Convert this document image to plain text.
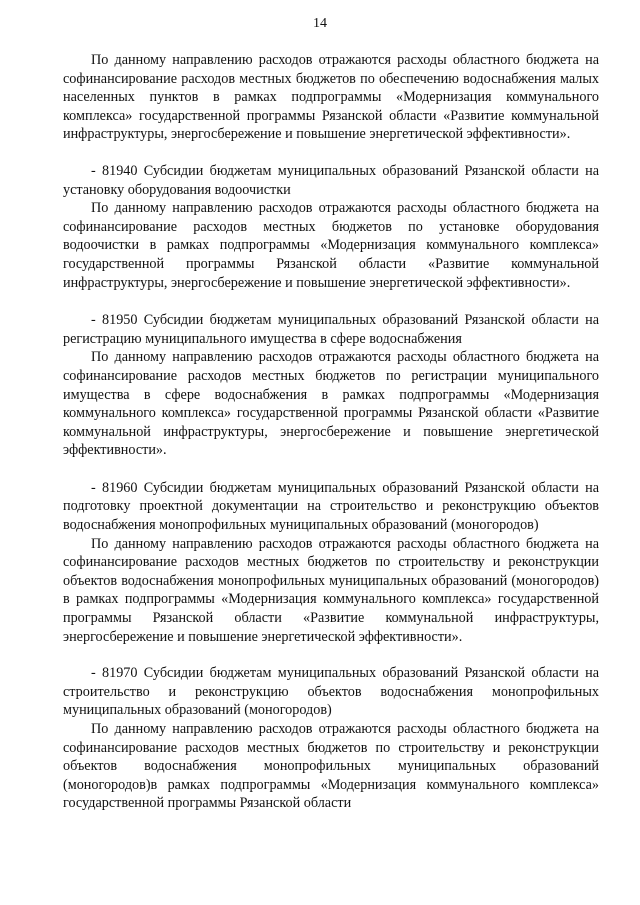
14

По данному направлению расходов отражаются расходы областного бюджета на софинансирование расходов местных бюджетов по обеспечению водоснабжения малых населенных пунктов в рамках подпрограммы «Модернизация коммунального комплекса» государственной программы Рязанской области «Развитие коммунальной инфраструктуры, энергосбережение и повышение энергетической эффективности».

- 81940 Субсидии бюджетам муниципальных образований Рязанской области на установку оборудования водоочистки

По данному направлению расходов отражаются расходы областного бюджета на софинансирование расходов местных бюджетов по установке оборудования водоочистки в рамках подпрограммы «Модернизация коммунального комплекса» государственной программы Рязанской области «Развитие коммунальной инфраструктуры, энергосбережение и повышение энергетической эффективности».

- 81950 Субсидии бюджетам муниципальных образований Рязанской области на регистрацию муниципального имущества в сфере водоснабжения

По данному направлению расходов отражаются расходы областного бюджета на софинансирование расходов местных бюджетов по регистрации муниципального имущества в сфере водоснабжения в рамках подпрограммы «Модернизация коммунального комплекса» государственной программы Рязанской области «Развитие коммунальной инфраструктуры, энергосбережение и повышение энергетической эффективности».

- 81960 Субсидии бюджетам муниципальных образований Рязанской области на подготовку проектной документации на строительство и реконструкцию объектов водоснабжения монопрофильных муниципальных образований (моногородов)

По данному направлению расходов отражаются расходы областного бюджета на софинансирование расходов местных бюджетов по строительству и реконструкции объектов водоснабжения монопрофильных муниципальных образований (моногородов) в рамках подпрограммы «Модернизация коммунального комплекса» государственной программы Рязанской области «Развитие коммунальной инфраструктуры, энергосбережение и повышение энергетической эффективности».

- 81970 Субсидии бюджетам муниципальных образований Рязанской области на строительство и реконструкцию объектов водоснабжения монопрофильных муниципальных образований (моногородов)

По данному направлению расходов отражаются расходы областного бюджета на софинансирование расходов местных бюджетов по строительству и реконструкции объектов водоснабжения монопрофильных муниципальных образований (моногородов)в рамках подпрограммы «Модернизация коммунального комплекса» государственной программы Рязанской области
